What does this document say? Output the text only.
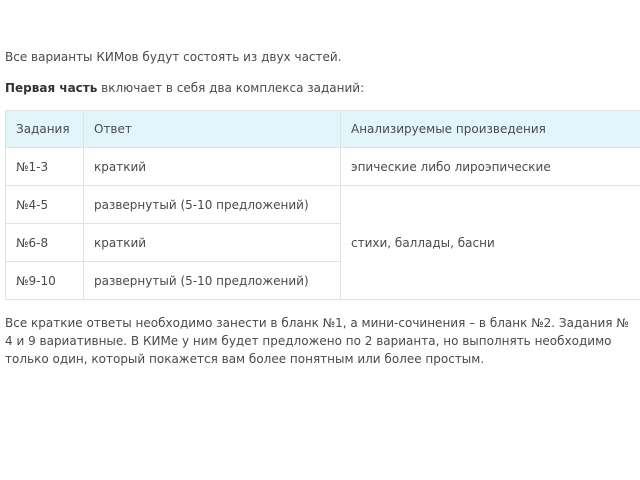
Все варианты КИМов будут состоять из двух частей.

Первая часть включает в себя два комплекса заданий:

Задания	Ответ	Анализируемые произведения
№1-3	краткий	эпические либо лироэпические
№4-5	развернутый (5-10 предложений)	стихи, баллады, басни
№6-8	краткий	
№9-10	развернутый (5-10 предложений)	

Все краткие ответы необходимо занести в бланк №1, а мини-сочинения – в бланк №2. Задания № 4 и 9 вариативные. В КИМе у ним будет предложено по 2 варианта, но выполнять необходимо только один, который покажется вам более понятным или более простым.
